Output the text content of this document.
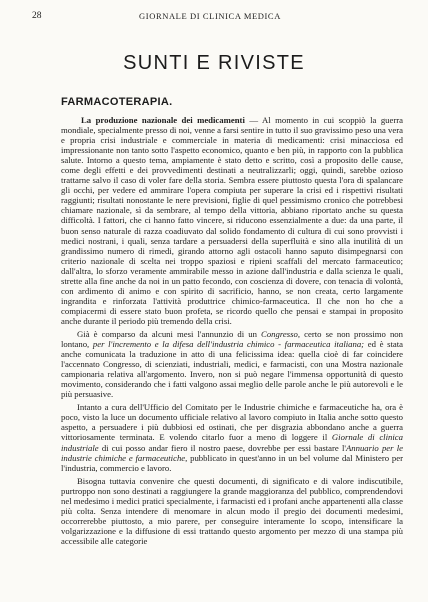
28	GIORNALE DI CLINICA MEDICA
SUNTI E RIVISTE
FARMACOTERAPIA.

La produzione nazionale dei medicamenti — Al momento in cui scoppiò la guerra mondiale, specialmente presso di noi, venne a farsi sentire in tutto il suo gravissimo peso una vera e propria crisi industriale e commerciale in materia di medicamenti: crisi minacciosa ed impressionante non tanto sotto l'aspetto economico, quanto e ben più, in rapporto con la pubblica salute. Intorno a questo tema, ampiamente è stato detto e scritto, così a proposito delle cause, come degli effetti e dei provvedimenti destinati a neutralizzarli; oggi, quindi, sarebbe ozioso trattarne salvo il caso di voler fare della storia. Sembra essere piuttosto questa l'ora di spalancare gli occhi, per vedere ed ammirare l'opera compiuta per superare la crisi ed i rispettivi risultati raggiunti; risultati nonostante le nere previsioni, figlie di quel pessimismo cronico che potrebbesi chiamare nazionale, sì da sembrare, al tempo della vittoria, abbiano riportato anche su questa difficoltà. I fattori, che ci hanno fatto vincere, si riducono essenzialmente a due: da una parte, il buon senso naturale di razza coadiuvato dal solido fondamento di cultura di cui sono provvisti i medici nostrani, i quali, senza tardare a persuadersi della superfluità e sino alla inutilità di un grandissimo numero di rimedi, girando attorno agli ostacoli hanno saputo disimpegnarsi con criterio nazionale di scelta nei troppo spaziosi e ripieni scaffali del mercato farmaceutico; dall'altra, lo sforzo veramente ammirabile messo in azione dall'industria e dalla scienza le quali, strette alla fine anche da noi in un patto fecondo, con coscienza di dovere, con tenacia di volontà, con ardimento di animo e con spirito di sacrificio, hanno, se non creata, certo largamente ingrandita e rinforzata l'attività produttrice chimico-farmaceutica. Il che non ho che a compiacermi di essere stato buon profeta, se ricordo quello che pensai e stampai in proposito anche durante il periodo più tremendo della crisi.

Già è comparso da alcuni mesi l'annunzio di un Congresso, certo se non prossimo non lontano, per l'incremento e la difesa dell'industria chimico - farmaceutica italiana; ed è stata anche comunicata la traduzione in atto di una felicissima idea: quella cioè di far coincidere l'accennato Congresso, di scienziati, industriali, medici, e farmacisti, con una Mostra nazionale campionaria relativa all'argomento. Invero, non si può negare l'immensa opportunità di questo movimento, considerando che i fatti valgono assai meglio delle parole anche le più autorevoli e le più persuasive.

Intanto a cura dell'Ufficio del Comitato per le Industrie chimiche e farmaceutiche ha, ora è poco, visto la luce un documento ufficiale relativo al lavoro compiuto in Italia anche sotto questo aspetto, a persuadere i più dubbiosi ed ostinati, che per disgrazia abbondano anche a guerra vittoriosamente terminata. E volendo citarlo fuor a meno di loggere il Giornale di clinica industriale di cui posso andar fiero il nostro paese, dovrebbe per essi bastare l'Annuario per le industrie chimiche e farmaceutiche, pubblicato in quest'anno in un bel volume dal Ministero per l'industria, commercio e lavoro.

Bisogna tuttavia convenire che questi documenti, di significato e di valore indiscutibile, purtroppo non sono destinati a raggiungere la grande maggioranza del pubblico, comprendendovi nel medesimo i medici pratici specialmente, i farmacisti ed i profani anche appartenenti alla classe più colta. Senza intendere di menomare in alcun modo il pregio dei documenti medesimi, occorrerebbe piuttosto, a mio parere, per conseguire interamente lo scopo, intensificare la volgarizzazione e la diffusione di essi trattando questo argomento per mezzo di una stampa più accessibile alle categorie
